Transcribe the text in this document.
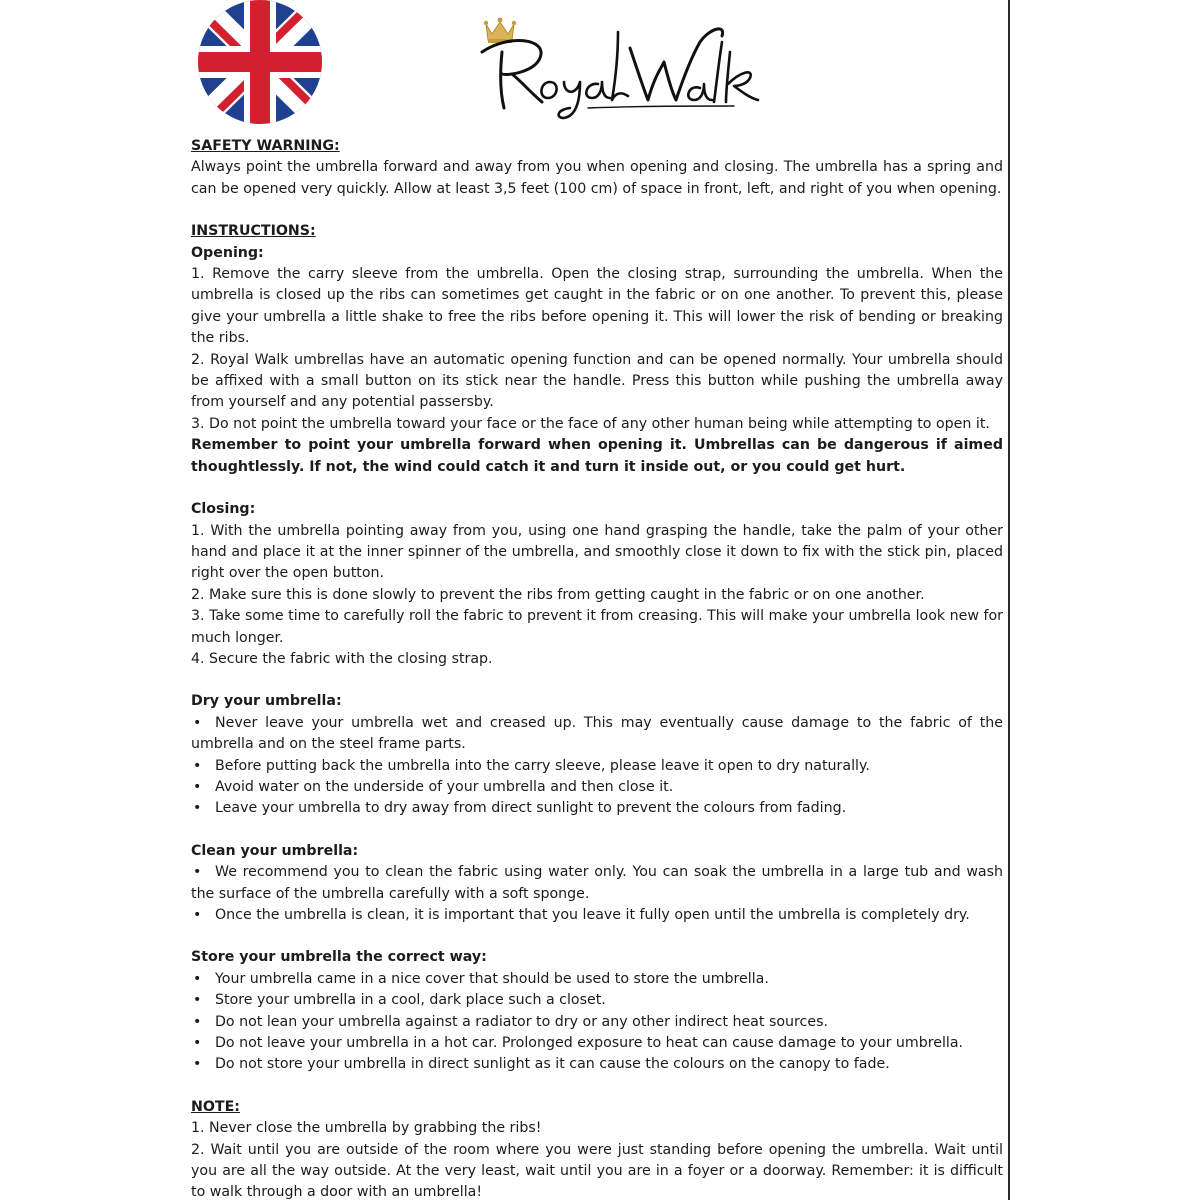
SAFETY WARNING:

Always point the umbrella forward and away from you when opening and closing. The umbrella has a spring and can be opened very quickly. Allow at least 3,5 feet (100 cm) of space in front, left, and right of you when opening.

INSTRUCTIONS:

Opening:

1. Remove the carry sleeve from the umbrella. Open the closing strap, surrounding the umbrella. When the umbrella is closed up the ribs can sometimes get caught in the fabric or on one another. To prevent this, please give your umbrella a little shake to free the ribs before opening it. This will lower the risk of bending or breaking the ribs.
2. Royal Walk umbrellas have an automatic opening function and can be opened normally. Your umbrella should be affixed with a small button on its stick near the handle. Press this button while pushing the umbrella away from yourself and any potential passersby.
3. Do not point the umbrella toward your face or the face of any other human being while attempting to open it.

Remember to point your umbrella forward when opening it. Umbrellas can be dangerous if aimed thoughtlessly. If not, the wind could catch it and turn it inside out, or you could get hurt.

Closing:

1. With the umbrella pointing away from you, using one hand grasping the handle, take the palm of your other hand and place it at the inner spinner of the umbrella, and smoothly close it down to fix with the stick pin, placed right over the open button.
2. Make sure this is done slowly to prevent the ribs from getting caught in the fabric or on one another.
3. Take some time to carefully roll the fabric to prevent it from creasing. This will make your umbrella look new for much longer.
4. Secure the fabric with the closing strap.

Dry your umbrella:

• Never leave your umbrella wet and creased up. This may eventually cause damage to the fabric of the umbrella and on the steel frame parts.
• Before putting back the umbrella into the carry sleeve, please leave it open to dry naturally.
• Avoid water on the underside of your umbrella and then close it.
• Leave your umbrella to dry away from direct sunlight to prevent the colours from fading.

Clean your umbrella:

• We recommend you to clean the fabric using water only. You can soak the umbrella in a large tub and wash the surface of the umbrella carefully with a soft sponge.
• Once the umbrella is clean, it is important that you leave it fully open until the umbrella is completely dry.

Store your umbrella the correct way:

• Your umbrella came in a nice cover that should be used to store the umbrella.
• Store your umbrella in a cool, dark place such a closet.
• Do not lean your umbrella against a radiator to dry or any other indirect heat sources.
• Do not leave your umbrella in a hot car. Prolonged exposure to heat can cause damage to your umbrella.
• Do not store your umbrella in direct sunlight as it can cause the colours on the canopy to fade.

NOTE:

1. Never close the umbrella by grabbing the ribs!
2. Wait until you are outside of the room where you were just standing before opening the umbrella. Wait until you are all the way outside. At the very least, wait until you are in a foyer or a doorway. Remember: it is difficult to walk through a door with an umbrella!
